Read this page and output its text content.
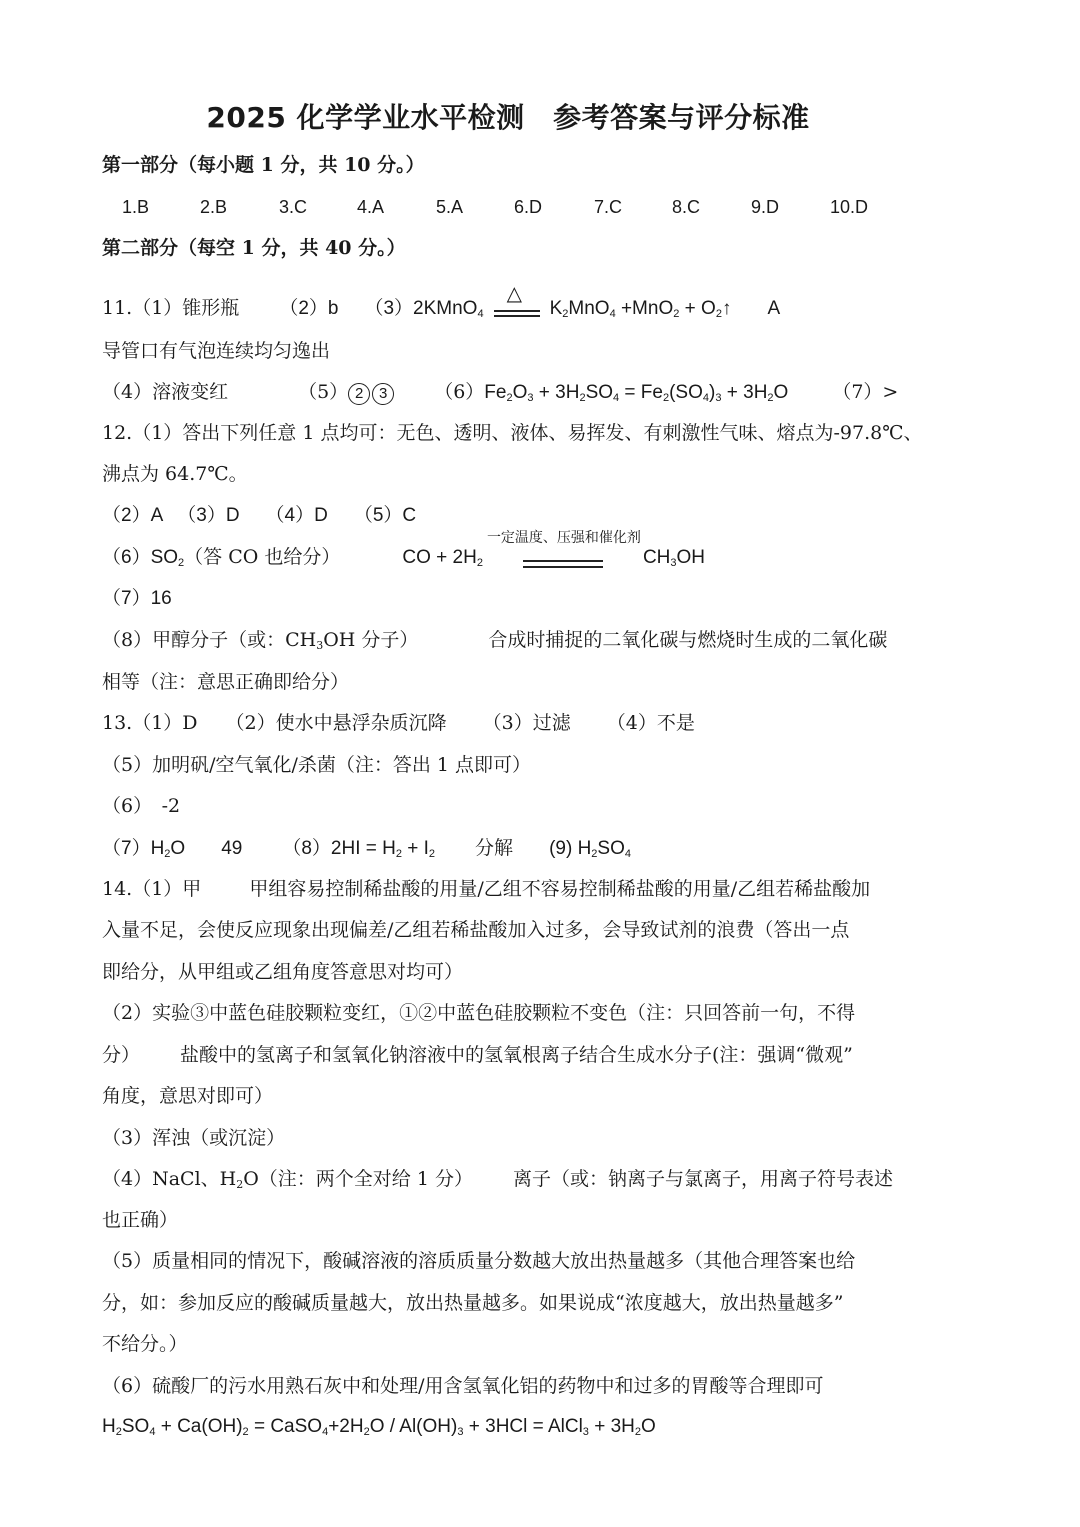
2025 化学学业水平检测　参考答案与评分标准
第一部分（每小题 1 分，共 10 分。）
1.B	2.B	3.C	4.A	5.A	6.D	7.C	8.C	9.D	10.D
第二部分（每空 1 分，共 40 分。）
11.（1）锥形瓶 （2）b （3）2KMnO$_4$
△
$K_2MnO_4 +MnO_2$ + $O_2↑$ A
导管口有气泡连续均匀逸出
（4）溶液变红	（5） 2 3 $(6)Fe_2O_3 + 3H_2SO_4 = Fe_2(SO_4)_3 + 3H_2O$ （7）>
12.（1）答出下列任意 1 点均可：无色、透明、液体、易挥发、有刺激性气味、熔点为-97.8℃、
沸点为 64.7℃。
（2）A （3）D （4）D （5）C
$(6)SO_2$（答 CO 也给分）	CO + $2H_2$
一定温度、压强和催化剂
$CH_3OH$
（7）16
（8）甲醇分子（或：$CH_3OH$ 分子）	合成时捕捉的二氧化碳与燃烧时生成的二氧化碳
相等（注：意思正确即给分）
13.（1）D （2）使水中悬浮杂质沉降 （3）过滤 （4）不是
（5）加明矾/空气氧化/杀菌（注：答出 1 点即可）
（6）　-2
$(7)H_2O$ 49 $(8)2HI = H_2 + I_2$ 分解 (9) $H_2SO_4$
14.（1）甲	甲组容易控制稀盐酸的用量/乙组不容易控制稀盐酸的用量/乙组若稀盐酸加
入量不足，会使反应现象出现偏差/乙组若稀盐酸加入过多，会导致试剂的浪费（答出一点
即给分，从甲组或乙组角度答意思对均可）
（2）实验③中蓝色硅胶颗粒变红，①②中蓝色硅胶颗粒不变色（注：只回答前一句，不得
分） 盐酸中的氢离子和氢氧化钠溶液中的氢氧根离子结合生成水分子(注：强调“微观”
角度，意思对即可）
（3）浑浊（或沉淀）
（4）NaCl、$H_2O$（注：两个全对给 1 分） 离子（或：钠离子与氯离子，用离子符号表述
也正确）
（5）质量相同的情况下，酸碱溶液的溶质质量分数越大放出热量越多（其他合理答案也给
分，如：参加反应的酸碱质量越大，放出热量越多。如果说成“浓度越大，放出热量越多”
不给分。）
（6）硫酸厂的污水用熟石灰中和处理/用含氢氧化铝的药物中和过多的胃酸等合理即可
$H_2SO_4 + Ca(OH)_2$ = $CaSO_4+2H_2O / Al(OH)_3 + 3HCl$ = AlCl$_3$ + $3H_2O$
